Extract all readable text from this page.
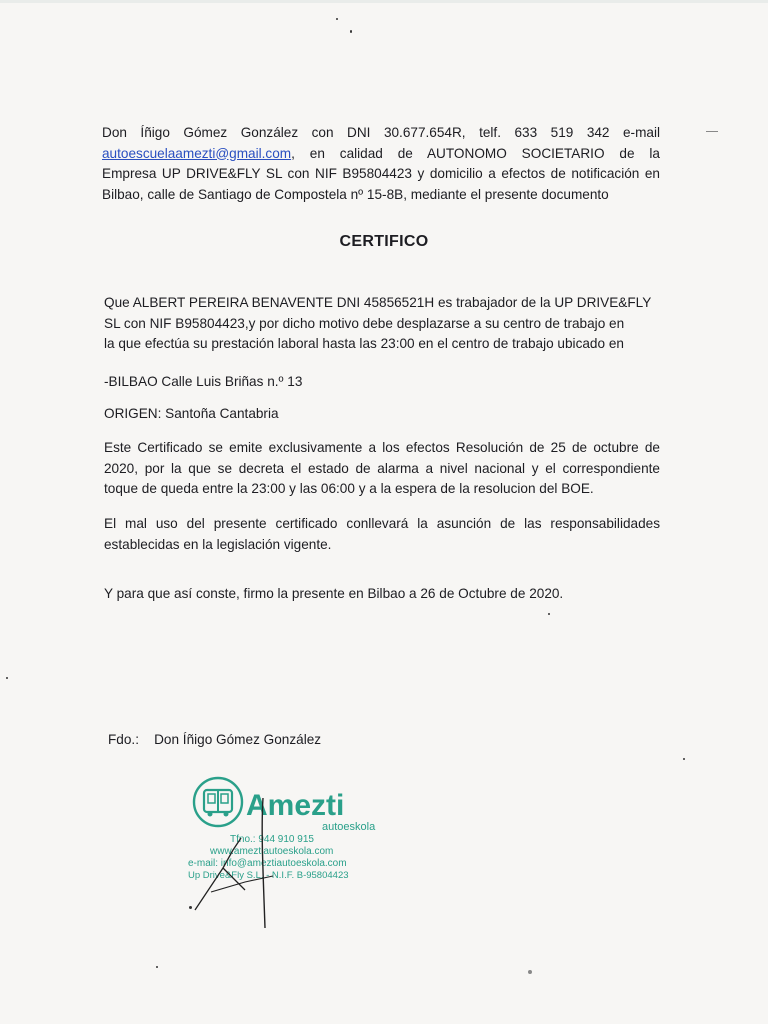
Don Íñigo Gómez González con DNI 30.677.654R, telf. 633 519 342 e-mail
autoescuelaamezti@gmail.com, en calidad de AUTONOMO SOCIETARIO de la
Empresa UP DRIVE&FLY SL con NIF B95804423 y domicilio a efectos de notificación en
Bilbao, calle de Santiago de Compostela nº 15-8B, mediante el presente documento
CERTIFICO
Que ALBERT PEREIRA BENAVENTE DNI 45856521H es trabajador de la UP DRIVE&FLY
SL con NIF B95804423,y por dicho motivo debe desplazarse a su centro de trabajo en
la que efectúa su prestación laboral hasta las 23:00 en el centro de trabajo ubicado en
-BILBAO Calle Luis Briñas n.º 13
ORIGEN: Santoña Cantabria
Este Certificado se emite exclusivamente a los efectos Resolución de 25 de octubre de
2020, por la que se decreta el estado de alarma a nivel nacional y el correspondiente
toque de queda entre la 23:00 y las 06:00 y a la espera de la resolucion del BOE.
El mal uso del presente certificado conllevará la asunción de las responsabilidades
establecidas en la legislación vigente.
Y para que así conste, firmo la presente en Bilbao a 26 de Octubre de 2020.
Fdo.:    Don Íñigo Gómez González
Amezti
autoeskola
Tfno.: 944 910 915
www.ameztiautoeskola.com
e-mail: info@ameztiautoeskola.com
Up Drive&Fly S.L. - N.I.F. B-95804423
